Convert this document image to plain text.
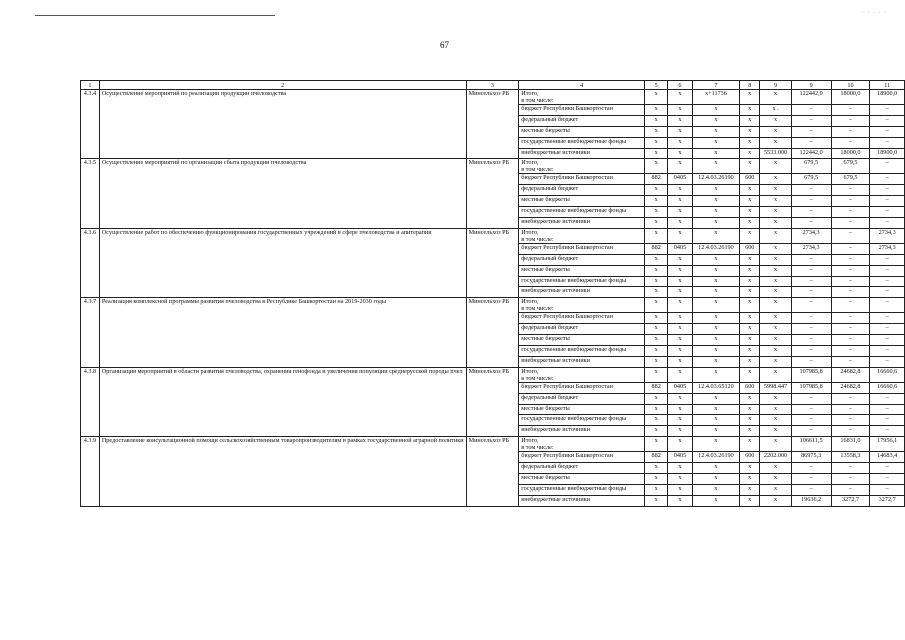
· · · · ·
67
1	2	3	4	5	6	7	8	9	9	10	11
4.3.4	Осуществление мероприятий по реализации продукции пчеловодства	Минсельхоз РБ	Итого,
в том числе:	x	x	x+11736	x	x	122442,0	18000,0	18900,0
			бюджет Республики Башкортостан	x	x	x	x	x .	–	–	–
			федеральный бюджет	x	x	x	x	x	–	–	–
			местные бюджеты	x	x	x	x	x	–	–	–
			государственные внебюджетные фонды	x	x	x	x	x	–	–	–
			внебюджетные источники	x	x	x	x	5533.000	122442,0	18000,0	18900,0
4.3.5	Осуществление мероприятий по организации сбыта продукции пчеловодства	Минсельхоз РБ	Итого,
в том числе:	x	x	x	x	x	679,5	679,5	–
			бюджет Республики Башкортостан	882	0405	12.4.03.26190	600	x	679,5	679,5	–
			федеральный бюджет	x	x	x	x	x	–	–	–
			местные бюджеты	x	x	x	x	x	–	–	–
			государственные внебюджетные фонды	x	x	x	x	x	–	–	–
			внебюджетные источники	x	x	x	x	x	–	–	–
4.3.6	Осуществление работ по обеспечению функционирования государственных учреждений в сфере пчеловодства и апитерапии	Минсельхоз РБ	Итого,
в том числе:	x	x	x	x	x	2734,3	–	2734,3
			бюджет Республики Башкортостан	882	0405	12.4.03.26190	600	x	2734,3	–	2734,3
			федеральный бюджет	x	x	x	x	x	–	–	–
			местные бюджеты	x	x	x	x	x	–	–	–
			государственные внебюджетные фонды	x	x	x	x	x	–	–	–
			внебюджетные источники	x	x	x	x	x	–	–	–
4.3.7	Реализация комплексной программы развития пчеловодства в Республике Башкортостан на 2019-2030 годы	Минсельхоз РБ	Итого,
в том числе:	x	x	x	x	x	–	–	–
			бюджет Республики Башкортостан	x	x	x	x	x	–	–	–
			федеральный бюджет	x	x	x	x	x	–	–	–
			местные бюджеты	x	x	x	x	x	–	–	–
			государственные внебюджетные фонды	x	x	x	x	x	–	–	–
			внебюджетные источники	x	x	x	x	x	–	–	–
4.3.8	Организация мероприятий в области развития пчеловодства, охранения генофонда и увеличения популяции среднерусской породы пчел	Минсельхоз РБ	Итого,
в том числе:	x	x	x	x	x	107985,8	24682,8	16660,6
			бюджет Республики Башкортостан	882	0405	12.4.03.65120	600	5998.447	107985,8	24682,8	16660,6
			федеральный бюджет	x	x	x	x	x	–	–	–
			местные бюджеты	x	x	x	x	x	–	–	–
			государственные внебюджетные фонды	x	x	x	x	x	–	–	–
			внебюджетные источники	x	x	x	x	x	–	–	–
4.3.9	Предоставление консультационной помощи сельскохозяйственным товаропроизводителям в рамках государственной аграрной политики	Минсельхоз РБ	Итого,
в том числе:	x	x	x	x	x	106611,5	16831,0	17956,1
			бюджет Республики Башкортостан	882	0405	12.4.03.26190	600	2202.000	86975,3	13558,3	14683,4
			федеральный бюджет	x	x	x	x	x	–	–	–
			местные бюджеты	x	x	x	x	x	–	–	–
			государственные внебюджетные фонды	x	x	x	x	x	–	–	–
			внебюджетные источники	x	x	x	x	x	19636,2	3272,7	3272,7
